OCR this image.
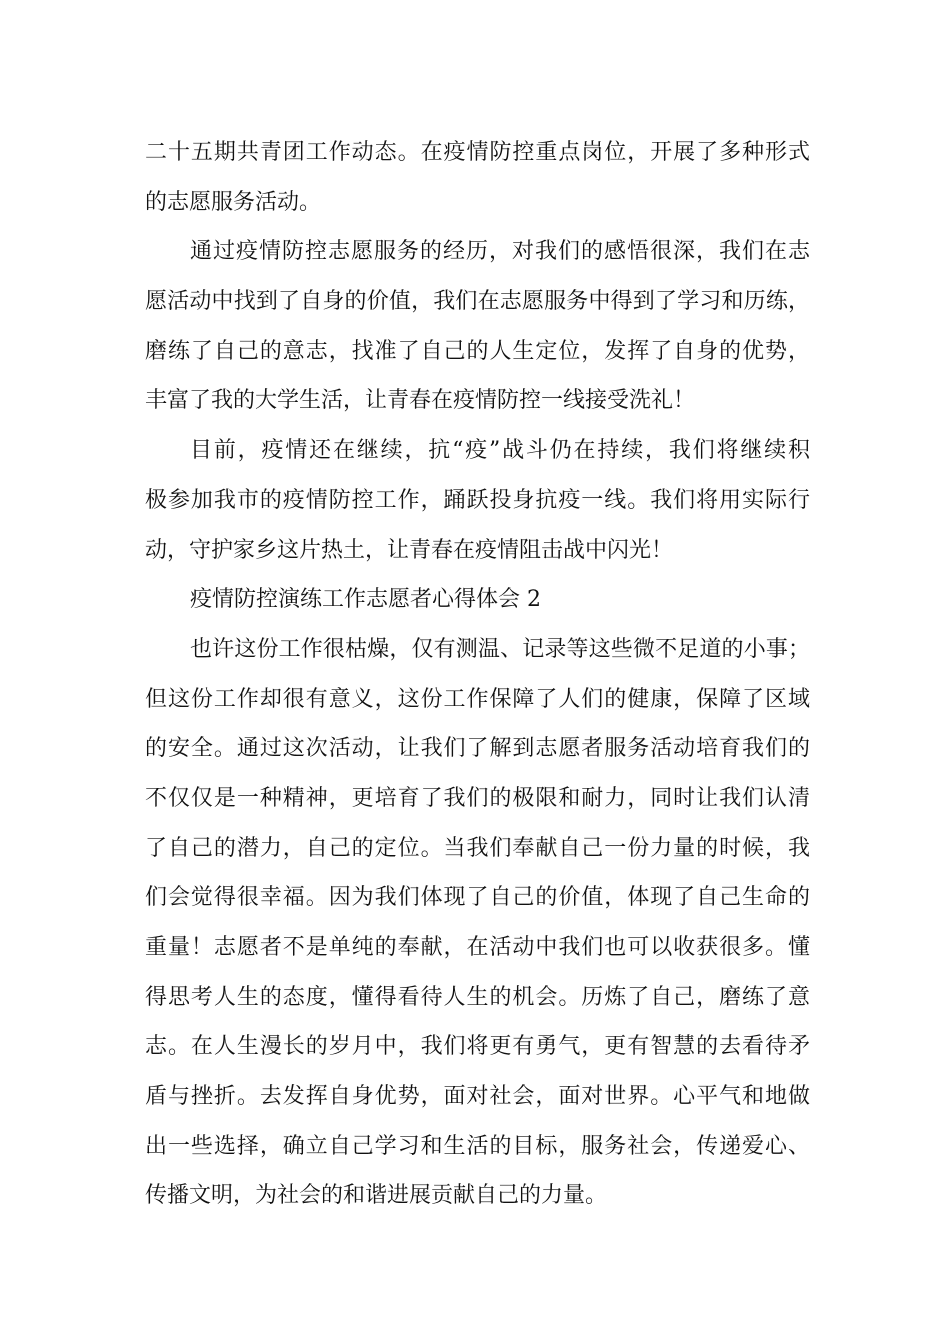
二十五期共青团工作动态。在疫情防控重点岗位，开展了多种形式
的志愿服务活动。
通过疫情防控志愿服务的经历，对我们的感悟很深，我们在志
愿活动中找到了自身的价值，我们在志愿服务中得到了学习和历练，
磨练了自己的意志，找准了自己的人生定位，发挥了自身的优势，
丰富了我的大学生活，让青春在疫情防控一线接受洗礼！
目前，疫情还在继续，抗“疫”战斗仍在持续，我们将继续积
极参加我市的疫情防控工作，踊跃投身抗疫一线。我们将用实际行
动，守护家乡这片热土，让青春在疫情阻击战中闪光！
疫情防控演练工作志愿者心得体会 2
也许这份工作很枯燥，仅有测温、记录等这些微不足道的小事；
但这份工作却很有意义，这份工作保障了人们的健康，保障了区域
的安全。通过这次活动，让我们了解到志愿者服务活动培育我们的
不仅仅是一种精神，更培育了我们的极限和耐力，同时让我们认清
了自己的潜力，自己的定位。当我们奉献自己一份力量的时候，我
们会觉得很幸福。因为我们体现了自己的价值，体现了自己生命的
重量！志愿者不是单纯的奉献，在活动中我们也可以收获很多。懂
得思考人生的态度，懂得看待人生的机会。历炼了自己，磨练了意
志。在人生漫长的岁月中，我们将更有勇气，更有智慧的去看待矛
盾与挫折。去发挥自身优势，面对社会，面对世界。心平气和地做
出一些选择，确立自己学习和生活的目标，服务社会，传递爱心、
传播文明，为社会的和谐进展贡献自己的力量。
